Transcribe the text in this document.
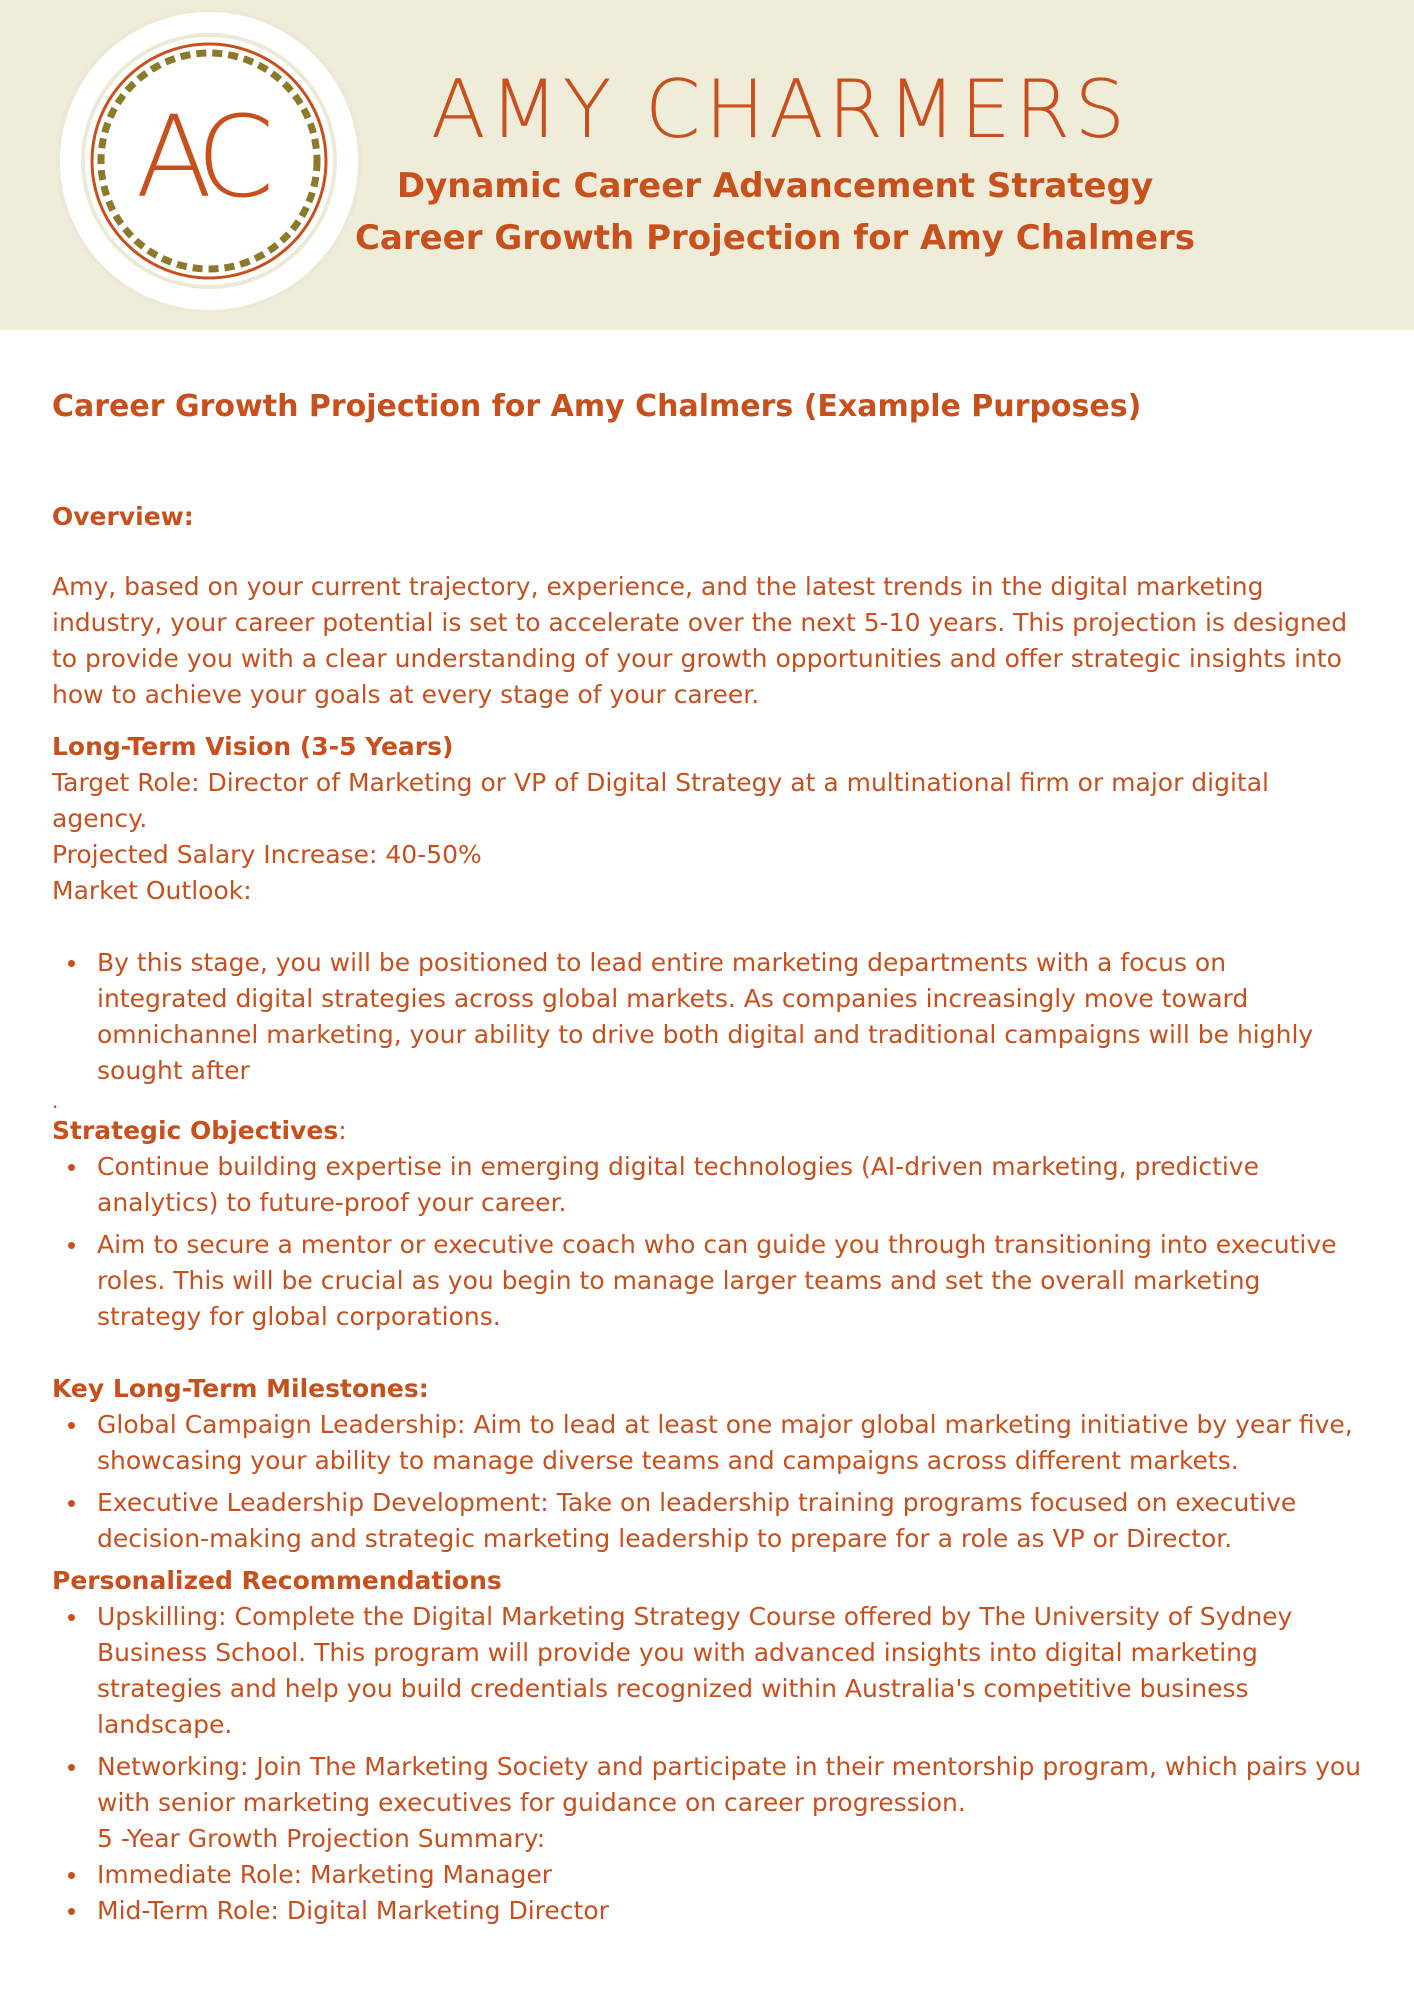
AC	AMY CHARMERS
Dynamic Career Advancement Strategy
Career Growth Projection for Amy Chalmers

Career Growth Projection for Amy Chalmers (Example Purposes)

Overview:

Amy, based on your current trajectory, experience, and the latest trends in the digital marketing industry, your career potential is set to accelerate over the next 5-10 years. This projection is designed to provide you with a clear understanding of your growth opportunities and offer strategic insights into how to achieve your goals at every stage of your career.

Long-Term Vision (3-5 Years)

Target Role: Director of Marketing or VP of Digital Strategy at a multinational firm or major digital agency.

Projected Salary Increase: 40-50%

Market Outlook:

By this stage, you will be positioned to lead entire marketing departments with a focus on integrated digital strategies across global markets. As companies increasingly move toward omnichannel marketing, your ability to drive both digital and traditional campaigns will be highly sought after

.

Strategic Objectives:

Continue building expertise in emerging digital technologies (AI-driven marketing, predictive analytics) to future-proof your career.
Aim to secure a mentor or executive coach who can guide you through transitioning into executive roles. This will be crucial as you begin to manage larger teams and set the overall marketing strategy for global corporations.

Key Long-Term Milestones:

Global Campaign Leadership: Aim to lead at least one major global marketing initiative by year five, showcasing your ability to manage diverse teams and campaigns across different markets.
Executive Leadership Development: Take on leadership training programs focused on executive decision-making and strategic marketing leadership to prepare for a role as VP or Director.

Personalized Recommendations

Upskilling: Complete the Digital Marketing Strategy Course offered by The University of Sydney Business School. This program will provide you with advanced insights into digital marketing strategies and help you build credentials recognized within Australia's competitive business landscape.
Networking: Join The Marketing Society and participate in their mentorship program, which pairs you with senior marketing executives for guidance on career progression.
5 -Year Growth Projection Summary:
Immediate Role: Marketing Manager
Mid-Term Role: Digital Marketing Director
